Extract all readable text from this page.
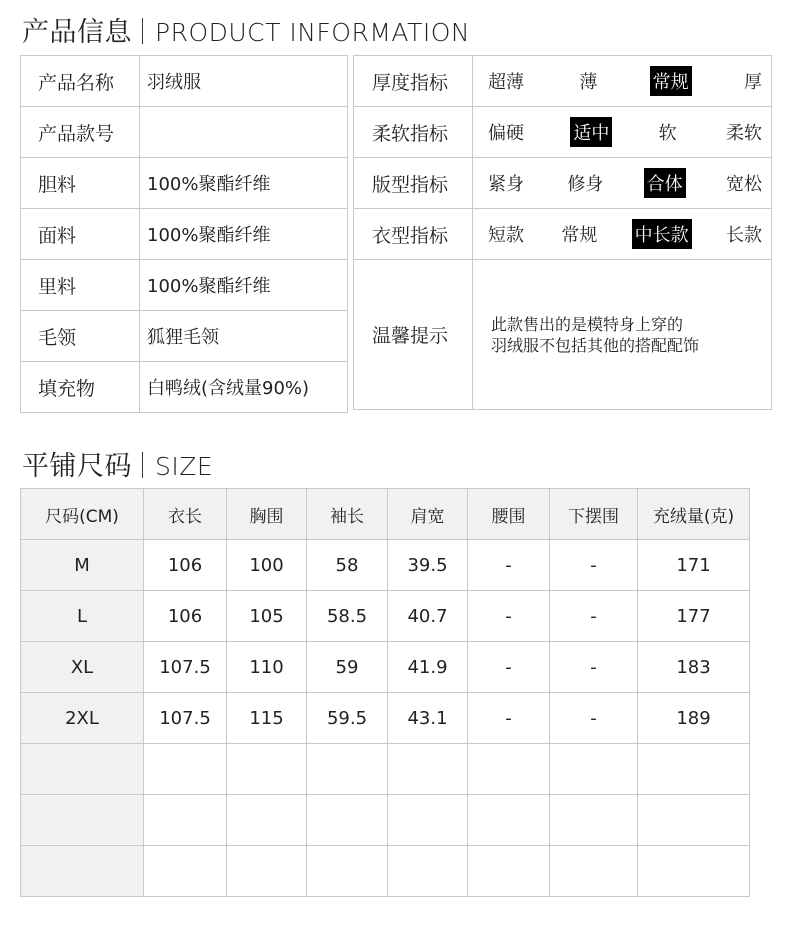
产品信息 PRODUCT INFORMATION
产品名称	羽绒服
产品款号	
胆料	100%聚酯纤维
面料	100%聚酯纤维
里料	100%聚酯纤维
毛领	狐狸毛领
填充物	白鸭绒(含绒量90%)
厚度指标	超薄 薄 常规 厚

柔软指标	偏硬 适中 软 柔软

版型指标	紧身 修身 合体 宽松

衣型指标	短款 常规 中长款 长款

温馨提示	此款售出的是模特身上穿的
羽绒服不包括其他的搭配配饰
平铺尺码 SIZE
尺码(CM)	衣长	胸围	袖长	肩宽	腰围	下摆围	充绒量(克)
M	106	100	58	39.5	-	-	171
L	106	105	58.5	40.7	-	-	177
XL	107.5	110	59	41.9	-	-	183
2XL	107.5	115	59.5	43.1	-	-	189
